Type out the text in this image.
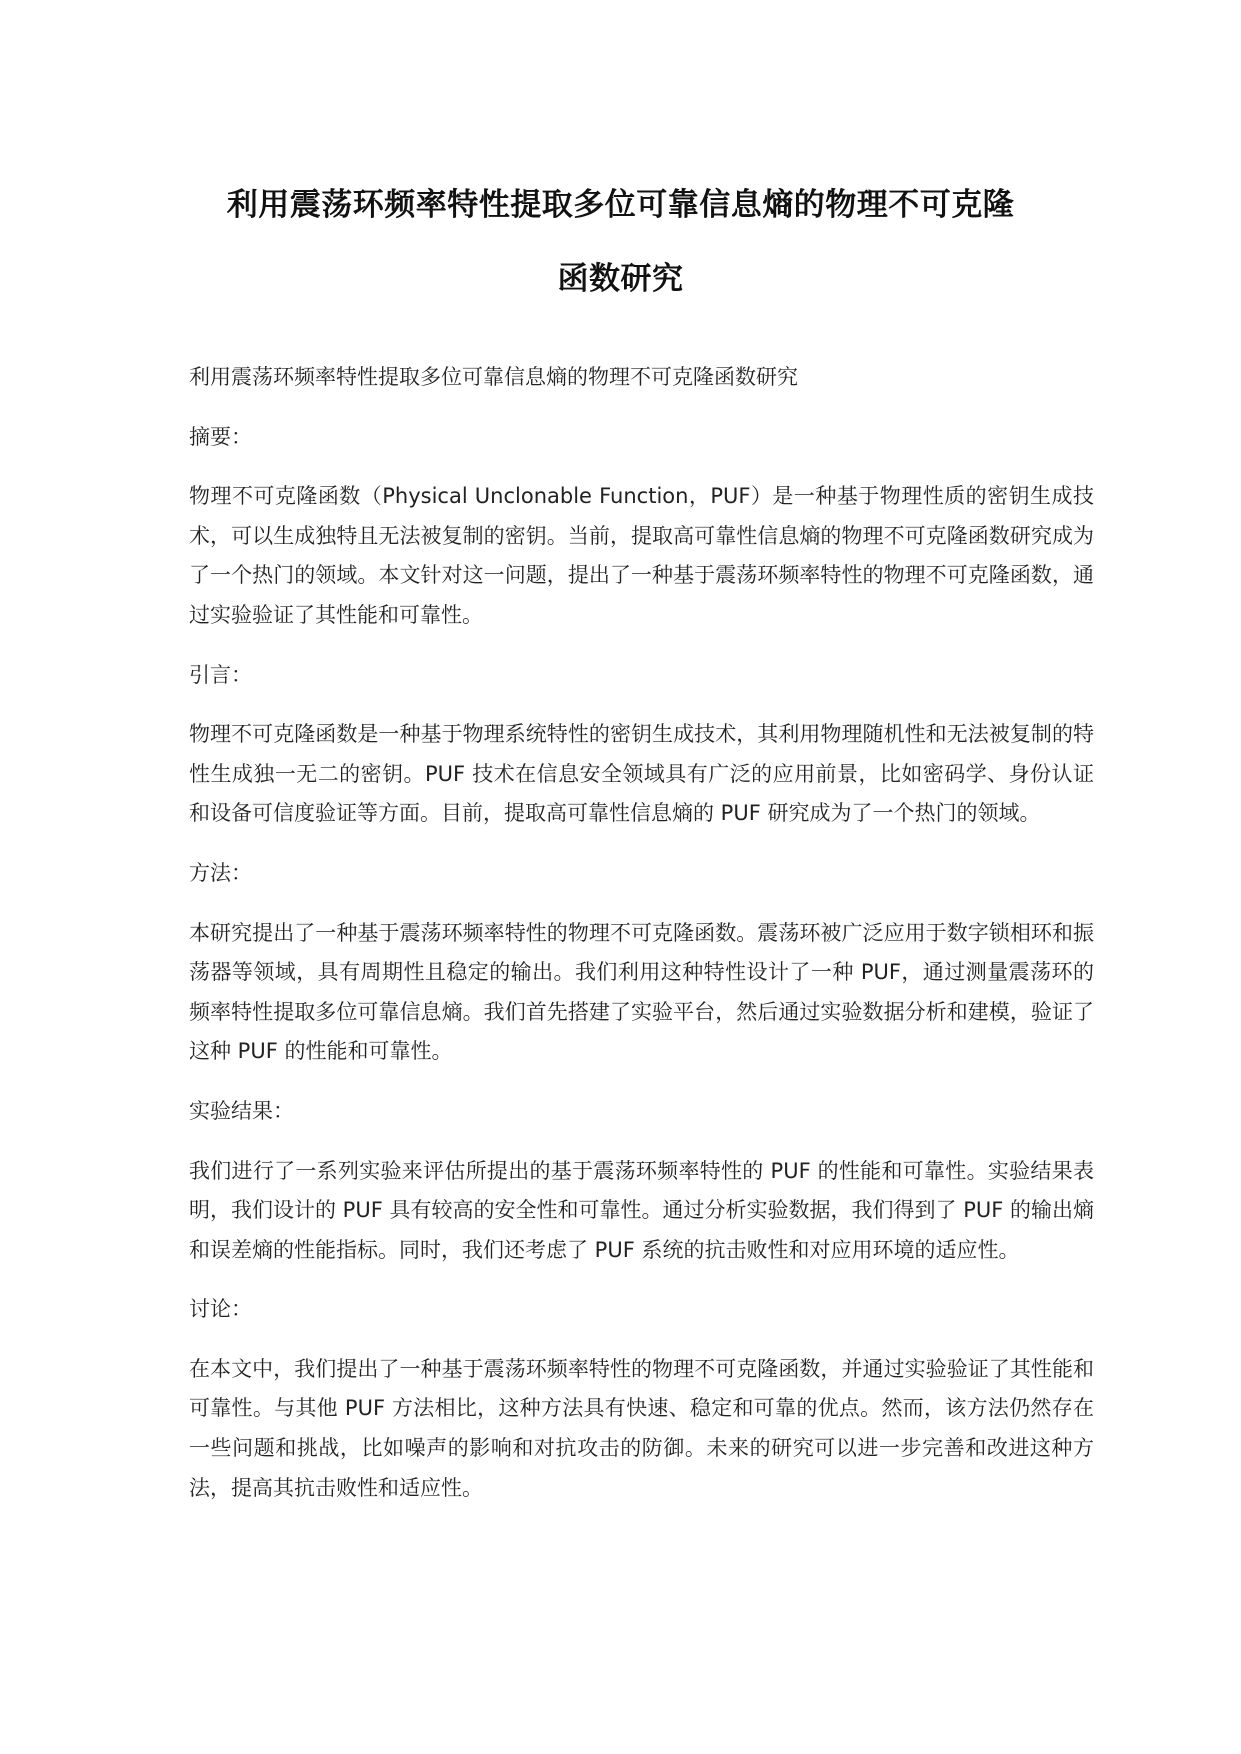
利用震荡环频率特性提取多位可靠信息熵的物理不可克隆
函数研究

利用震荡环频率特性提取多位可靠信息熵的物理不可克隆函数研究

摘要：

物理不可克隆函数（Physical Unclonable Function，PUF）是一种基于物理性质的密钥生成技术，可以生成独特且无法被复制的密钥。当前，提取高可靠性信息熵的物理不可克隆函数研究成为了一个热门的领域。本文针对这一问题，提出了一种基于震荡环频率特性的物理不可克隆函数，通过实验验证了其性能和可靠性。

引言：

物理不可克隆函数是一种基于物理系统特性的密钥生成技术，其利用物理随机性和无法被复制的特性生成独一无二的密钥。PUF 技术在信息安全领域具有广泛的应用前景，比如密码学、身份认证和设备可信度验证等方面。目前，提取高可靠性信息熵的 PUF 研究成为了一个热门的领域。

方法：

本研究提出了一种基于震荡环频率特性的物理不可克隆函数。震荡环被广泛应用于数字锁相环和振荡器等领域，具有周期性且稳定的输出。我们利用这种特性设计了一种 PUF，通过测量震荡环的频率特性提取多位可靠信息熵。我们首先搭建了实验平台，然后通过实验数据分析和建模，验证了这种 PUF 的性能和可靠性。

实验结果：

我们进行了一系列实验来评估所提出的基于震荡环频率特性的 PUF 的性能和可靠性。实验结果表明，我们设计的 PUF 具有较高的安全性和可靠性。通过分析实验数据，我们得到了 PUF 的输出熵和误差熵的性能指标。同时，我们还考虑了 PUF 系统的抗击败性和对应用环境的适应性。

讨论：

在本文中，我们提出了一种基于震荡环频率特性的物理不可克隆函数，并通过实验验证了其性能和可靠性。与其他 PUF 方法相比，这种方法具有快速、稳定和可靠的优点。然而，该方法仍然存在一些问题和挑战，比如噪声的影响和对抗攻击的防御。未来的研究可以进一步完善和改进这种方法，提高其抗击败性和适应性。
